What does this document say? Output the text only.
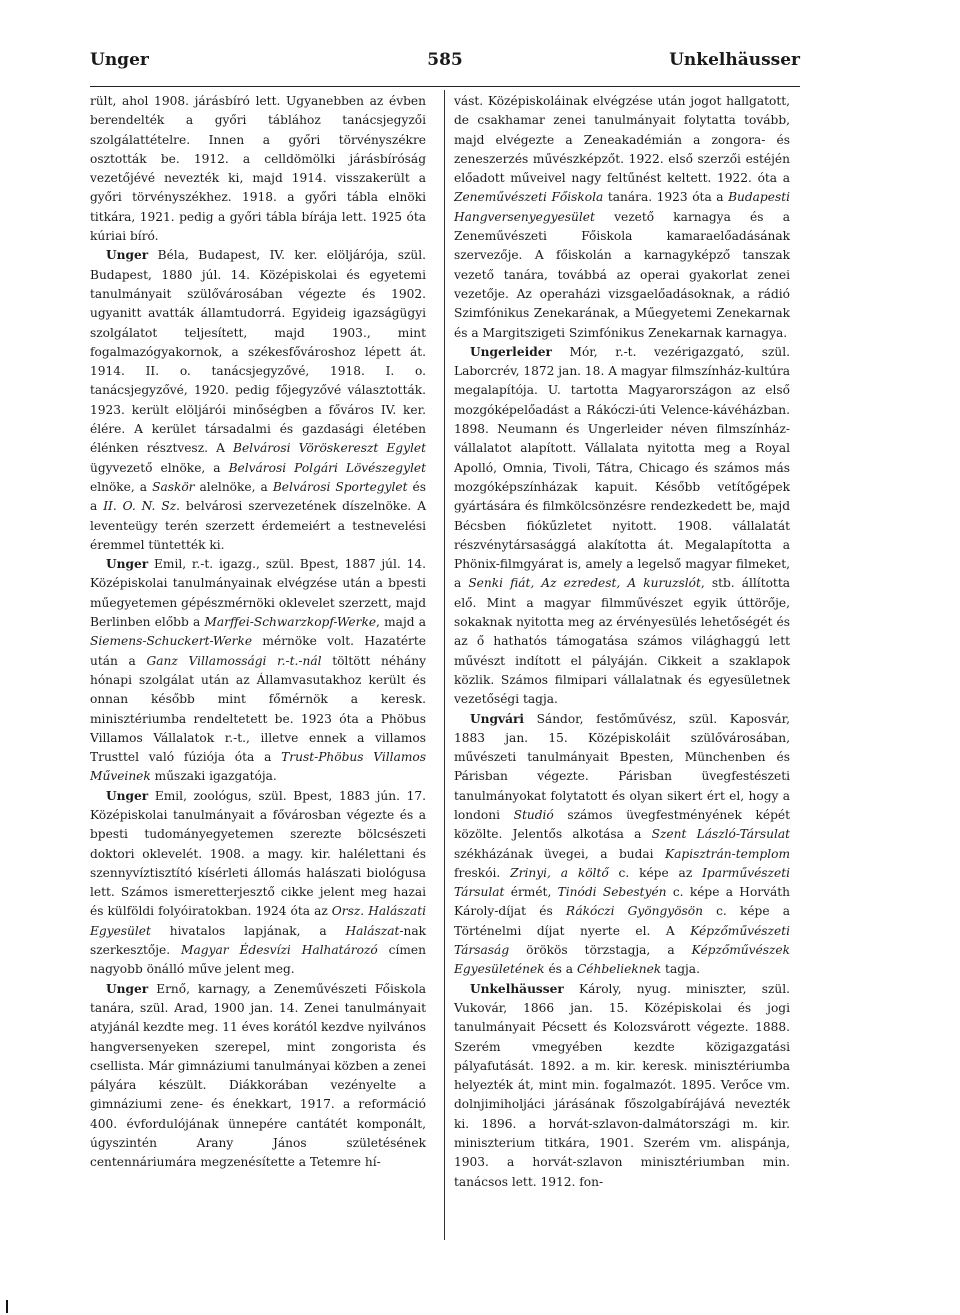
Unger	585	Unkelhäusser

rült, ahol 1908. járásbíró lett. Ugyanebben az évben berendelték a győri táblához tanácsjegyzői szolgálattételre. Innen a győri törvényszékre osztották be. 1912. a celldömölki járásbíróság vezetőjévé nevezték ki, majd 1914. visszakerült a győri törvényszékhez. 1918. a győri tábla elnöki titkára, 1921. pedig a győri tábla bírája lett. 1925 óta kúriai bíró.

Unger Béla, Budapest, IV. ker. elöljárója, szül. Budapest, 1880 júl. 14. Középiskolai és egyetemi tanulmányait szülővárosában végezte és 1902. ugyanitt avatták államtudorrá. Egyideig igazságügyi szolgálatot teljesített, majd 1903., mint fogalmazógyakornok, a székesfővároshoz lépett át. 1914. II. o. tanácsjegyzővé, 1918. I. o. tanácsjegyzővé, 1920. pedig főjegyzővé választották. 1923. került elöljárói minőségben a főváros IV. ker. élére. A kerület társadalmi és gazdasági életében élénken résztvesz. A Belvárosi Vöröskereszt Egylet ügyvezető elnöke, a Belvárosi Polgári Lövészegylet elnöke, a Saskör alelnöke, a Belvárosi Sportegylet és a II. O. N. Sz. belvárosi szervezetének díszelnöke. A leventeügy terén szerzett érdemeiért a testnevelési éremmel tüntették ki.

Unger Emil, r.-t. igazg., szül. Bpest, 1887 júl. 14. Középiskolai tanulmányainak elvégzése után a bpesti műegyetemen gépészmérnöki oklevelet szerzett, majd Berlinben előbb a Marffei-Schwarzkopf-Werke, majd a Siemens-Schuckert-Werke mérnöke volt. Hazatérte után a Ganz Villamossági r.-t.-nál töltött néhány hónapi szolgálat után az Államvasutakhoz került és onnan később mint főmérnök a keresk. minisztériumba rendeltetett be. 1923 óta a Phöbus Villamos Vállalatok r.-t., illetve ennek a villamos Trusttel való fúziója óta a Trust-Phöbus Villamos Műveinek műszaki igazgatója.

Unger Emil, zoológus, szül. Bpest, 1883 jún. 17. Középiskolai tanulmányait a fővárosban végezte és a bpesti tudományegyetemen szerezte bölcsészeti doktori oklevelét. 1908. a magy. kir. halélettani és szennyvíztisztító kísérleti állomás halászati biológusa lett. Számos ismeretterjesztő cikke jelent meg hazai és külföldi folyóiratokban. 1924 óta az Orsz. Halászati Egyesület hivatalos lapjának, a Halászat-nak szerkesztője. Magyar Édesvízi Halhatározó címen nagyobb önálló műve jelent meg.

Unger Ernő, karnagy, a Zeneművészeti Főiskola tanára, szül. Arad, 1900 jan. 14. Zenei tanulmányait atyjánál kezdte meg. 11 éves korától kezdve nyilvános hangversenyeken szerepel, mint zongorista és csellista. Már gimnáziumi tanulmányai közben a zenei pályára készült. Diákkorában vezényelte a gimnáziumi zene- és énekkart, 1917. a reformáció 400. évfordulójának ünnepére cantátét komponált, úgyszintén Arany János születésének centennáriumára megzenésítette a Tetemre hí-

vást. Középiskoláinak elvégzése után jogot hallgatott, de csakhamar zenei tanulmányait folytatta tovább, majd elvégezte a Zeneakadémián a zongora- és zeneszerzés művészképzőt. 1922. első szerzői estéjén előadott műveivel nagy feltűnést keltett. 1922. óta a Zeneművészeti Főiskola tanára. 1923 óta a Budapesti Hangversenyegyesület vezető karnagya és a Zeneművészeti Főiskola kamaraelőadásának szervezője. A főiskolán a karnagyképző tanszak vezető tanára, továbbá az operai gyakorlat zenei vezetője. Az operaházi vizsgaelőadásoknak, a rádió Szimfónikus Zenekarának, a Műegyetemi Zenekarnak és a Margitszigeti Szimfónikus Zenekarnak karnagya.

Ungerleider Mór, r.-t. vezérigazgató, szül. Laborcrév, 1872 jan. 18. A magyar filmszínház-kultúra megalapítója. U. tartotta Magyarországon az első mozgóképelőadást a Rákóczi-úti Velence-kávéházban. 1898. Neumann és Ungerleider néven filmszínház-vállalatot alapított. Vállalata nyitotta meg a Royal Apolló, Omnia, Tivoli, Tátra, Chicago és számos más mozgóképszínházak kapuit. Később vetítőgépek gyártására és filmkölcsönzésre rendezkedett be, majd Bécsben fiókűzletet nyitott. 1908. vállalatát részvénytársasággá alakította át. Megalapította a Phönix-filmgyárat is, amely a legelső magyar filmeket, a Senki fiát, Az ezredest, A kuruzslót, stb. állította elő. Mint a magyar filmművészet egyik úttörője, sokaknak nyitotta meg az érvényesülés lehetőségét és az ő hathatós támogatása számos világhaggú lett művészt indított el pályáján. Cikkeit a szaklapok közlik. Számos filmipari vállalatnak és egyesületnek vezetőségi tagja.

Ungvári Sándor, festőművész, szül. Kaposvár, 1883 jan. 15. Középiskoláit szülővárosában, művészeti tanulmányait Bpesten, Münchenben és Párisban végezte. Párisban üvegfestészeti tanulmányokat folytatott és olyan sikert ért el, hogy a londoni Studió számos üvegfestményének képét közölte. Jelentős alkotása a Szent László-Társulat székházának üvegei, a budai Kapisztrán-templom freskói. Zrinyi, a költő c. képe az Iparművészeti Társulat érmét, Tinódi Sebestyén c. képe a Horváth Károly-díjat és Rákóczi Gyöngyösön c. képe a Történelmi díjat nyerte el. A Képzőművészeti Társaság örökös törzstagja, a Képzőművészek Egyesületének és a Céhbelieknek tagja.

Unkelhäusser Károly, nyug. miniszter, szül. Vukovár, 1866 jan. 15. Középiskolai és jogi tanulmányait Pécsett és Kolozsvárott végezte. 1888. Szerém vmegyében kezdte közigazgatási pályafutását. 1892. a m. kir. keresk. minisztériumba helyezték át, mint min. fogalmazót. 1895. Verőce vm. dolnjimiholjáci járásának főszolgabírájává nevezték ki. 1896. a horvát-szlavon-dalmátországi m. kir. miniszterium titkára, 1901. Szerém vm. alispánja, 1903. a horvát-szlavon minisztériumban min. tanácsos lett. 1912. fon-
